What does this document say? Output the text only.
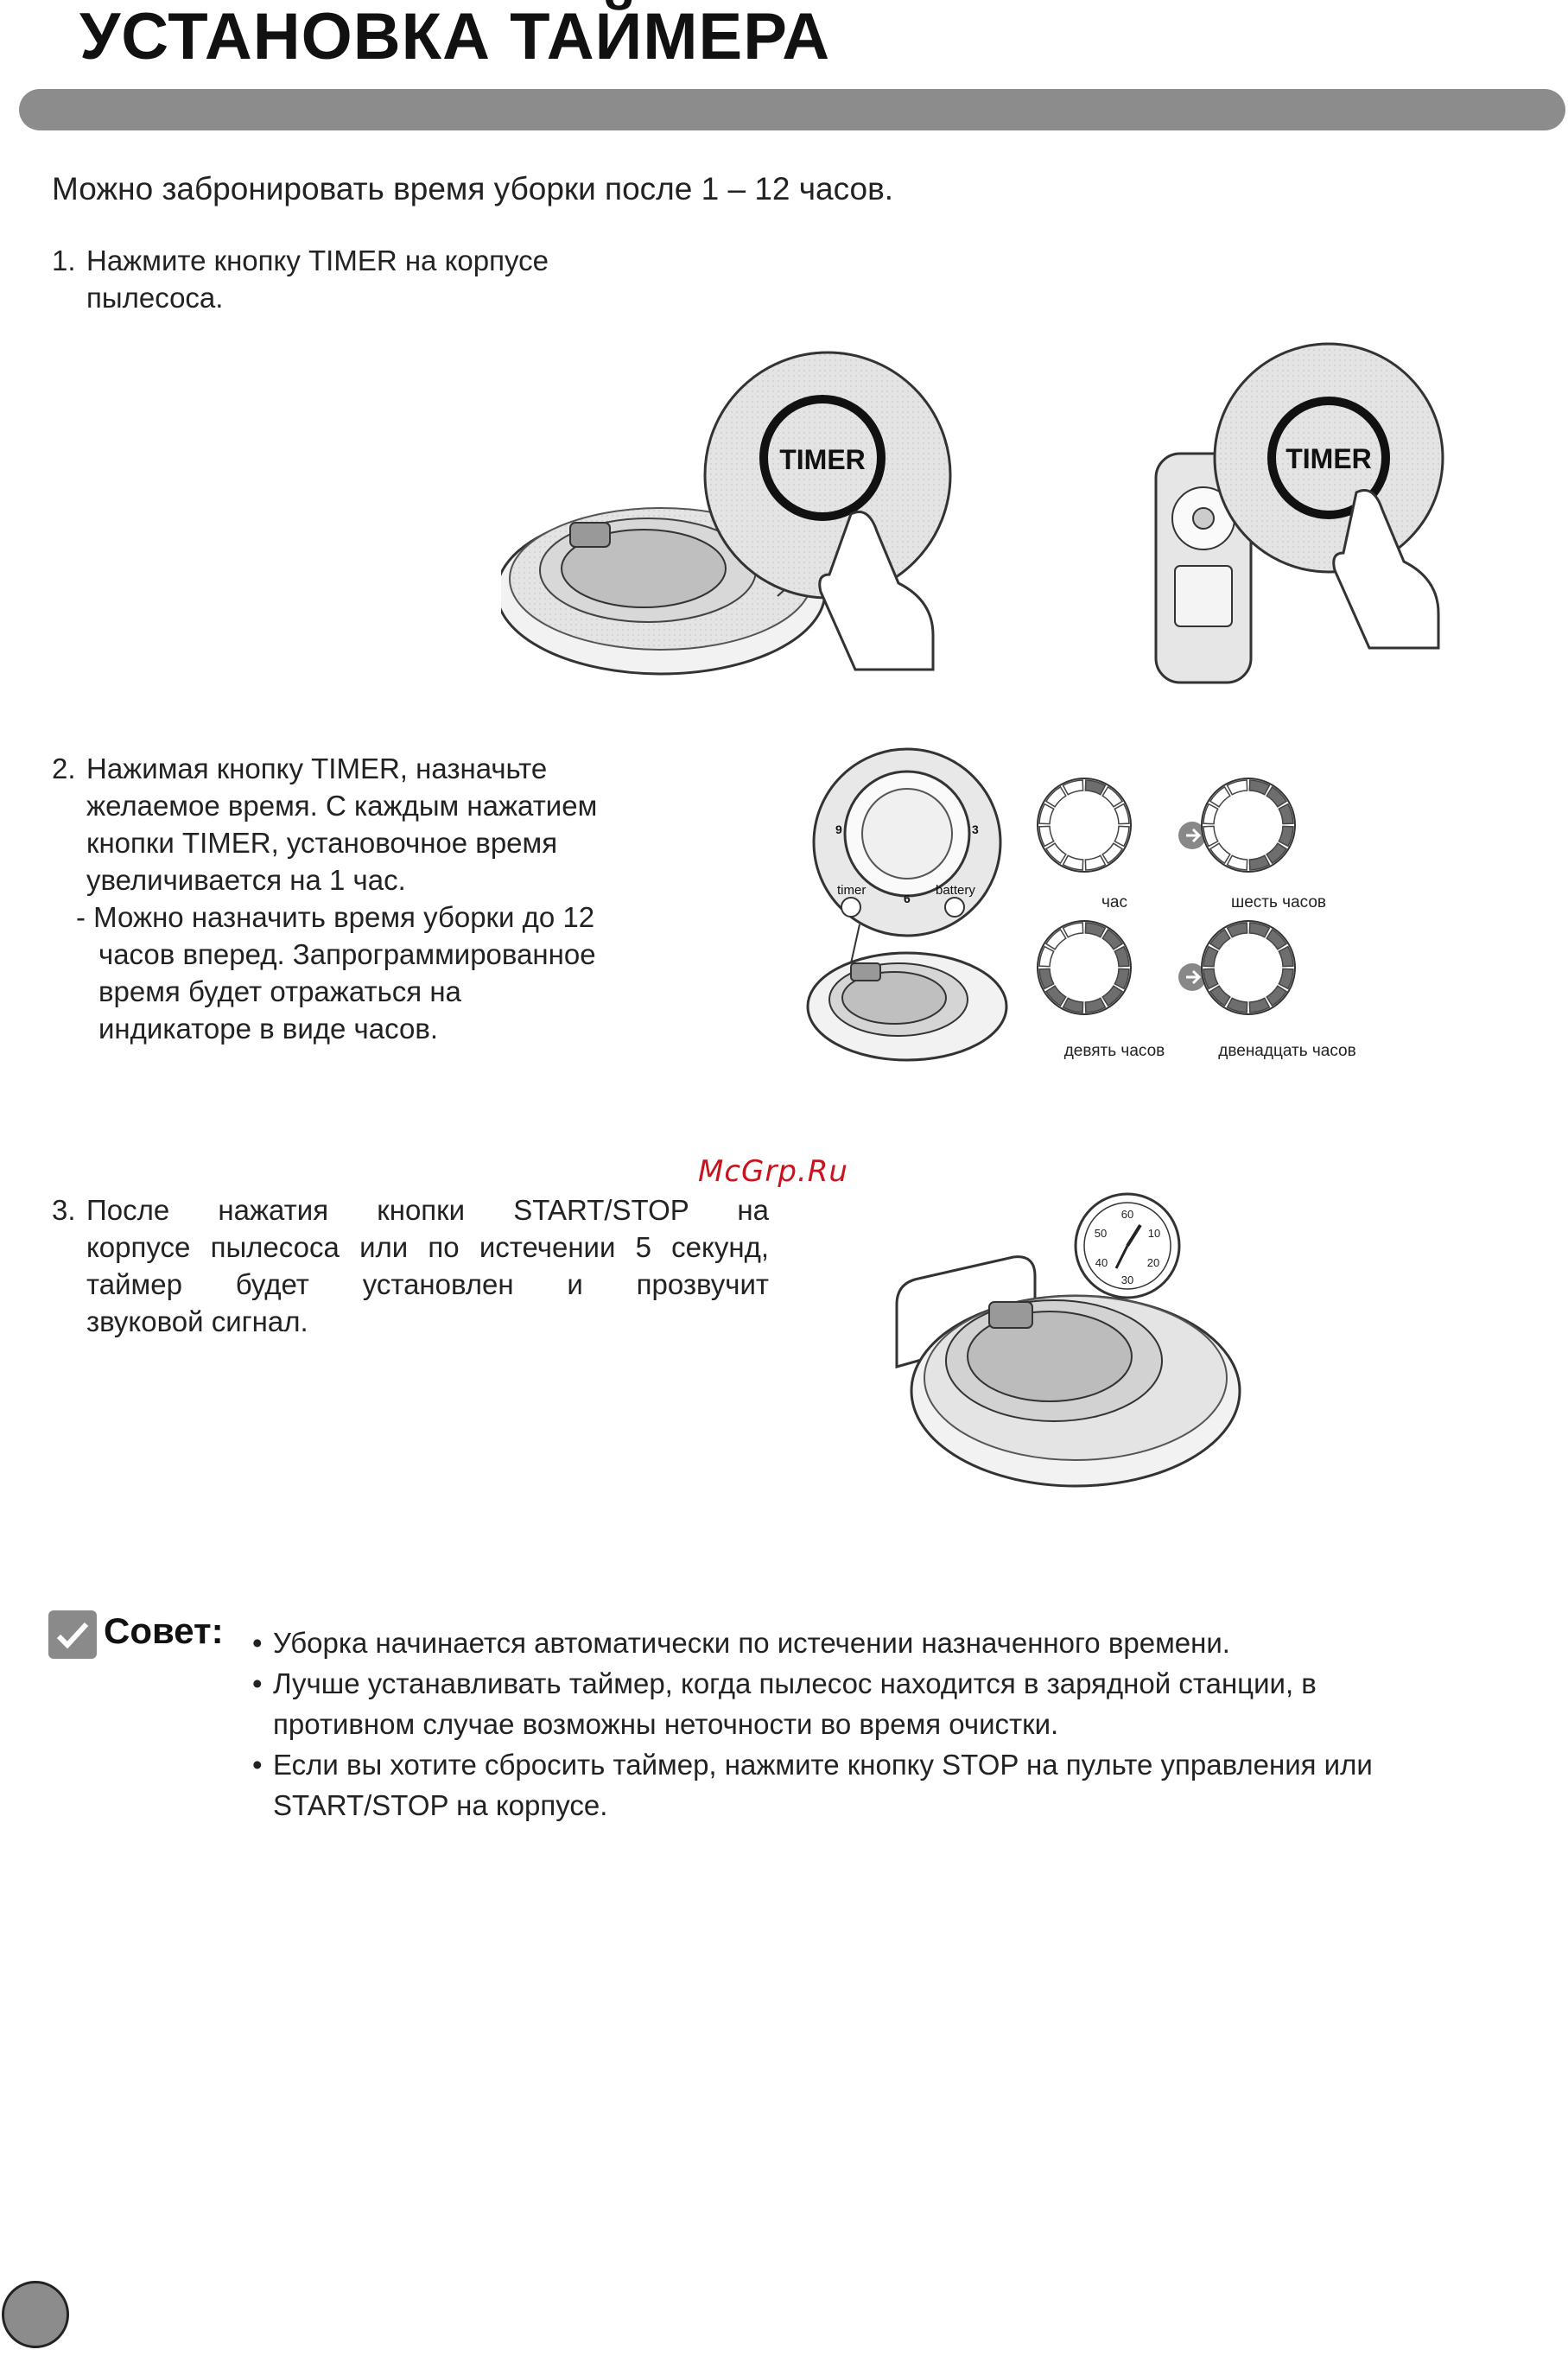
УСТАНОВКА ТАЙМЕРА
Можно забронировать время уборки после 1 – 12 часов.
1. Нажмите кнопку TIMER на корпусе
пылесоса.
TIMER	TIMER
2. Нажимая кнопку TIMER, назначьте
желаемое время. С каждым нажатием
кнопки TIMER, установочное время
увеличивается на 1 час.
- Можно назначить время уборки до 12
часов вперед. Запрограммированное
время будет отражаться на
индикаторе в виде часов.
9	3
6
timer	battery
час	шесть часов
девять часов	двенадцать часов
McGrp.Ru
3. После нажатия кнопки START/STOP на
корпусе пылесоса или по истечении 5 секунд,
таймер будет установлен и прозвучит
звуковой сигнал.
60
50	10
40	20
30
Совет: • Уборка начинается автоматически по истечении назначенного времени.
• Лучше устанавливать таймер, когда пылесос находится в зарядной станции, в
противном случае возможны неточности во время очистки.
• Если вы хотите сбросить таймер, нажмите кнопку STOP на пульте управления или
START/STOP на корпусе.
